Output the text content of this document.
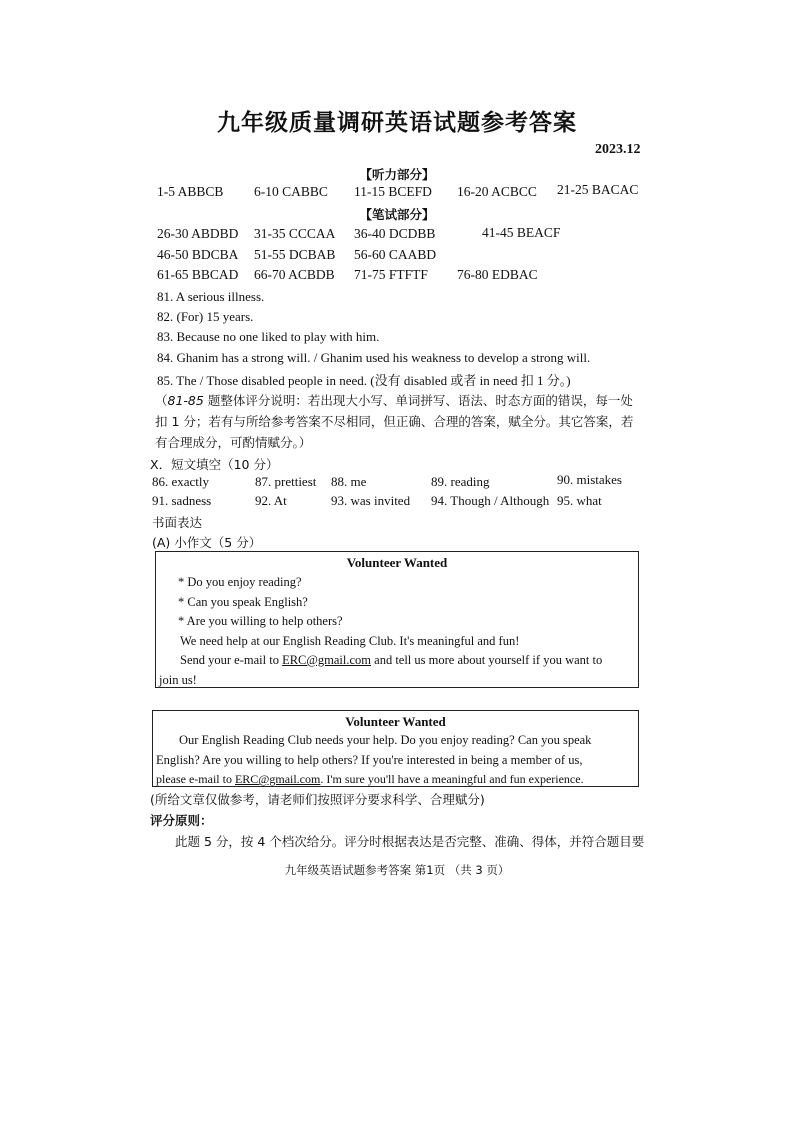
九年级质量调研英语试题参考答案
2023.12
【听力部分】
1-5 ABBCB 6-10 CABBC 11-15 BCEFD 16-20 ACBCC 21-25 BACAC
【笔试部分】
26-30 ABDBD 31-35 CCCAA 36-40 DCDBB	41-45 BEACF
46-50 BDCBA 51-55 DCBAB 56-60 CAABD
61-65 BBCAD 66-70 ACBDB 71-75 FTFTF 76-80 EDBAC
81. A serious illness.
82. (For) 15 years.
83. Because no one liked to play with him.
84. Ghanim has a strong will. / Ghanim used his weakness to develop a strong will.
85. The / Those disabled people in need. (没有 disabled 或者 in need 扣 1 分。)
（81-85 题整体评分说明：若出现大小写、单词拼写、语法、时态方面的错误，每一处扣 1 分；若有与所给参考答案不尽相同，但正确、合理的答案，赋全分。其它答案，若有合理成分，可酌情赋分。）
X．短文填空（10 分）
86. exactly	87. prettiest 88. me	89. reading	90. mistakes
91. sadness	92. At	93. was invited 94. Though / Although 95. what
书面表达
(A) 小作文（5 分）
Volunteer Wanted

* Do you enjoy reading?

* Can you speak English?

* Are you willing to help others?

We need help at our English Reading Club. It's meaningful and fun!

Send your e-mail to ERC@gmail.com and tell us more about yourself if you want to

join us!

Volunteer Wanted

Our English Reading Club needs your help. Do you enjoy reading? Can you speak

English? Are you willing to help others? If you're interested in being a member of us,

please e-mail to ERC@gmail.com. I'm sure you'll have a meaningful and fun experience.

(所给文章仅做参考，请老师们按照评分要求科学、合理赋分)
评分原则：
此题 5 分，按 4 个档次给分。评分时根据表达是否完整、准确、得体，并符合题目要
九年级英语试题参考答案 第1页 （共 3 页）
